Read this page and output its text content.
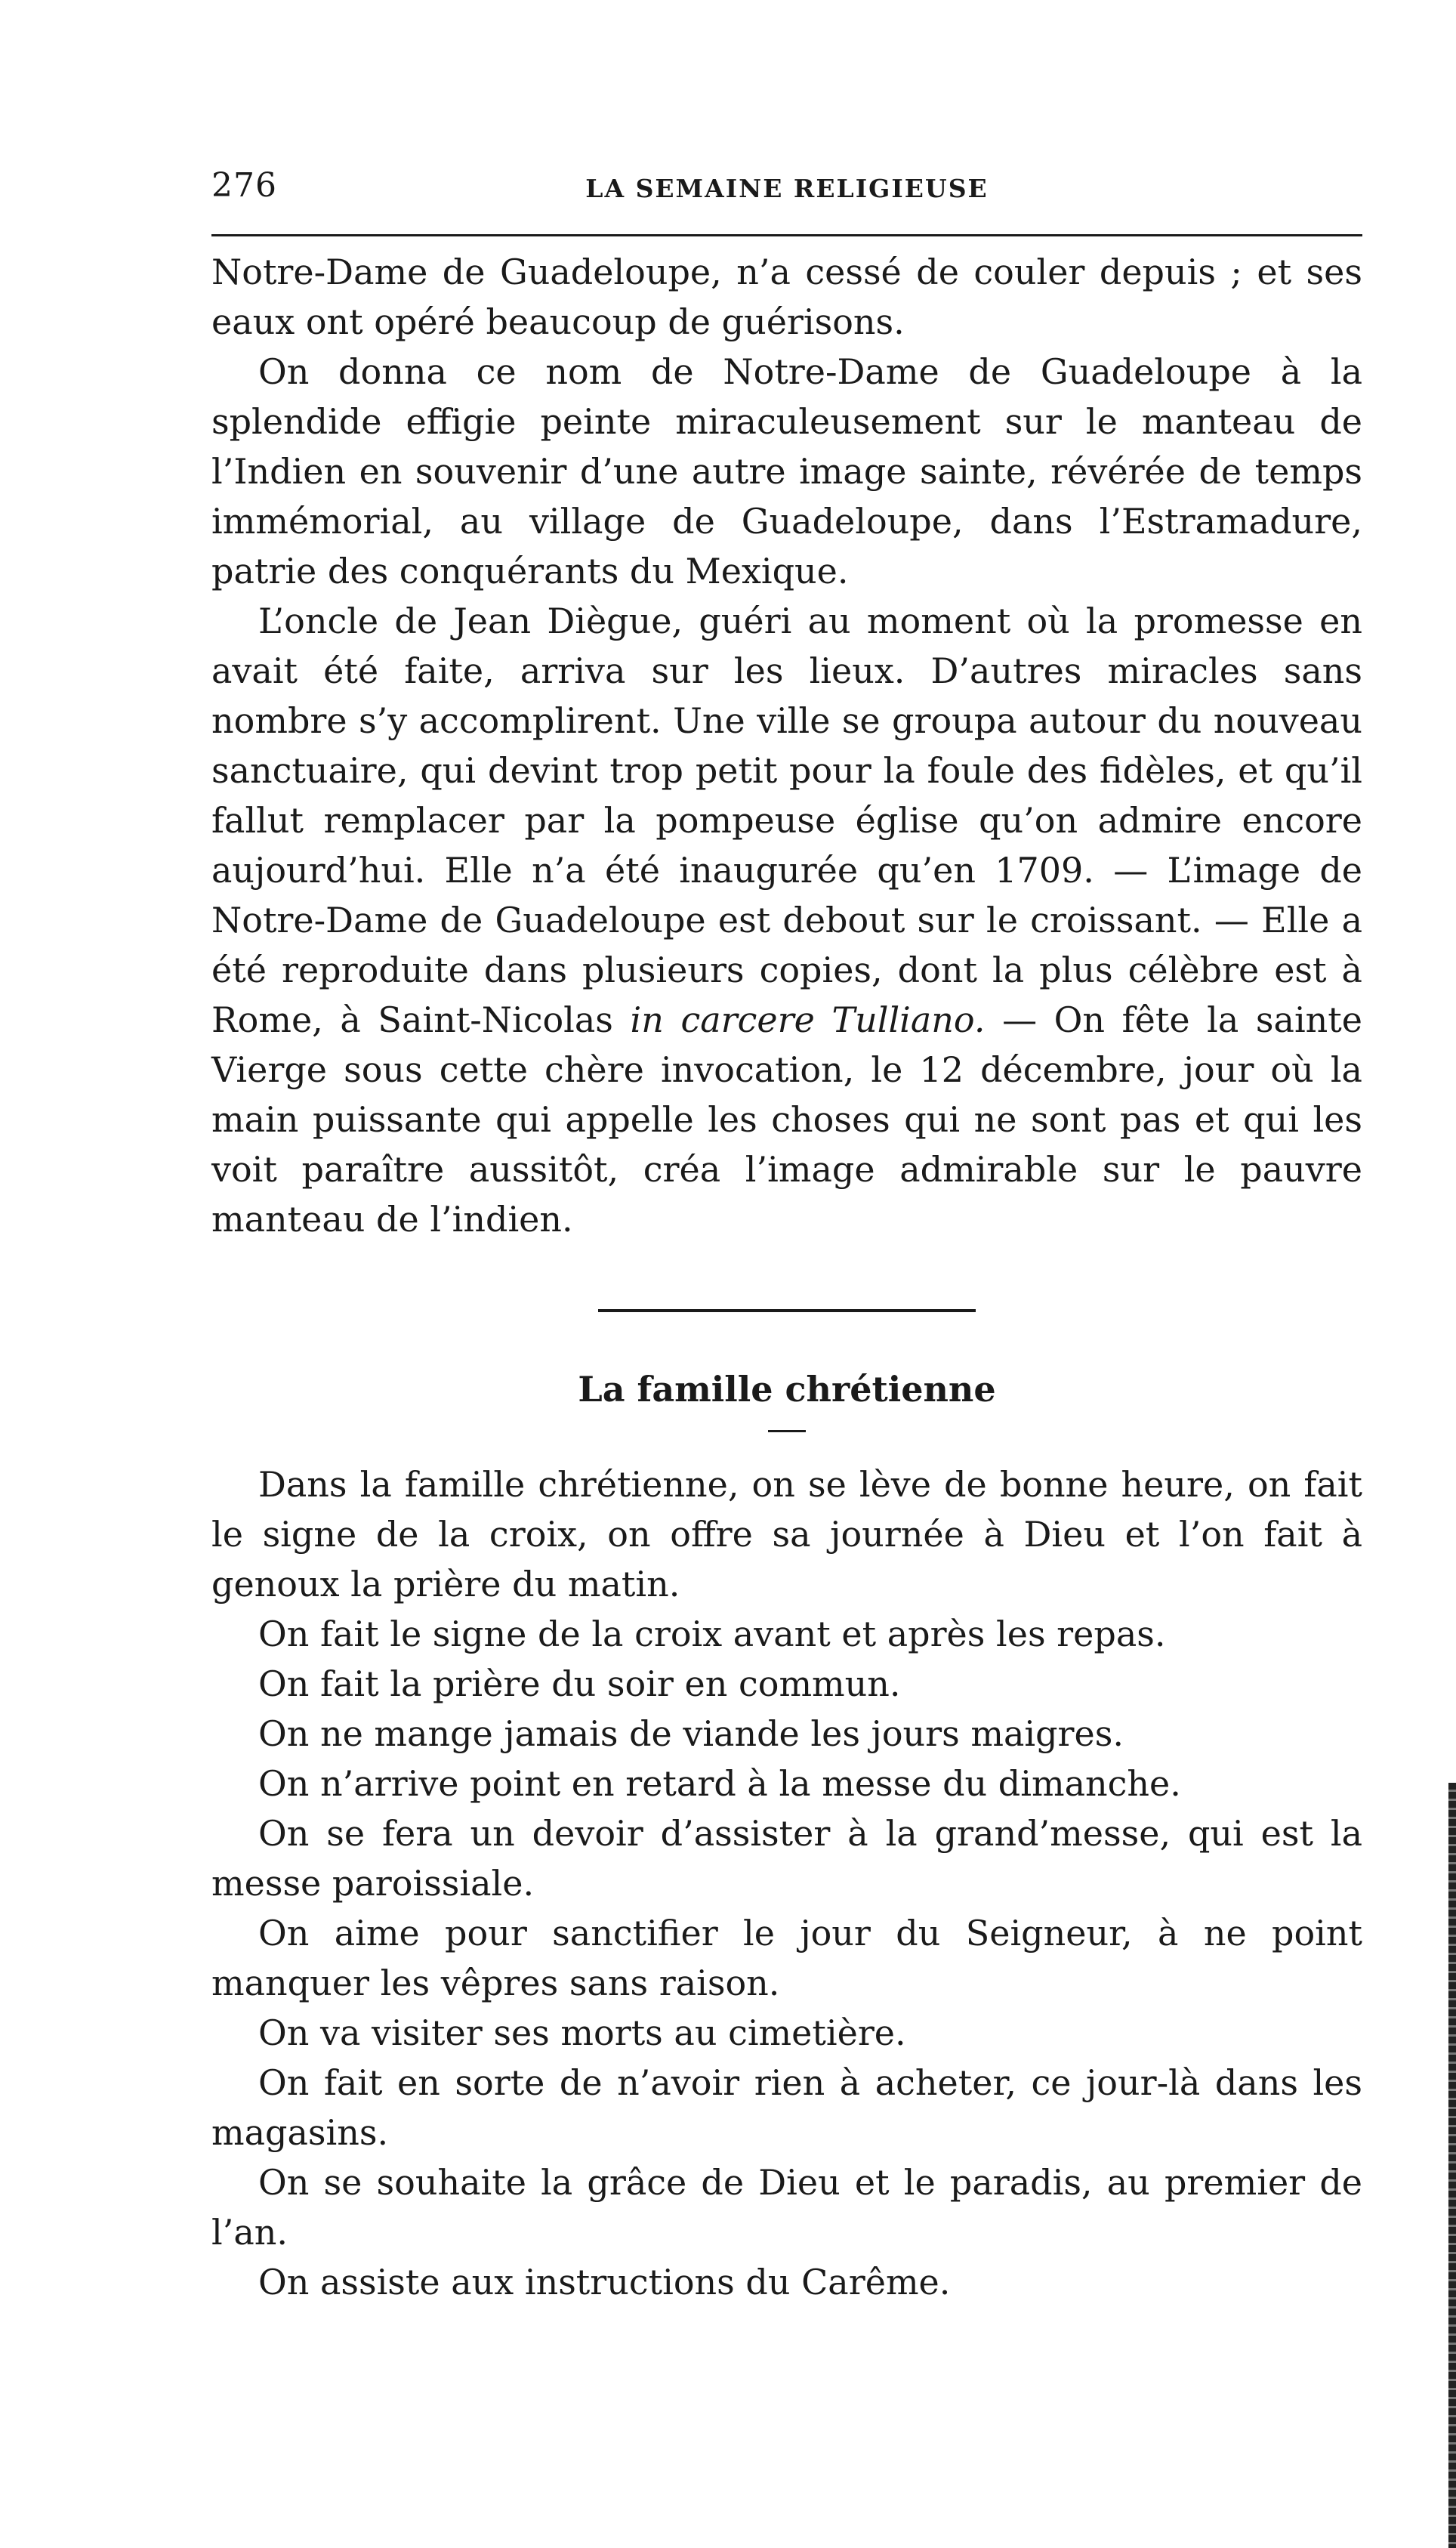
276	LA SEMAINE RELIGIEUSE

Notre-Dame de Guadeloupe, n’a cessé de couler depuis ; et ses eaux ont opéré beaucoup de guérisons.

On donna ce nom de Notre-Dame de Guadeloupe à la splendide effigie peinte miraculeusement sur le manteau de l’Indien en souvenir d’une autre image sainte, révérée de temps immémorial, au village de Guadeloupe, dans l’Estramadure, patrie des conquérants du Mexique.

L’oncle de Jean Diègue, guéri au moment où la promesse en avait été faite, arriva sur les lieux. D’autres miracles sans nombre s’y accomplirent. Une ville se groupa autour du nouveau sanctuaire, qui devint trop petit pour la foule des fidèles, et qu’il fallut remplacer par la pompeuse église qu’on admire encore aujourd’hui. Elle n’a été inaugurée qu’en 1709. — L’image de Notre-Dame de Guadeloupe est debout sur le croissant. — Elle a été reproduite dans plusieurs copies, dont la plus célèbre est à Rome, à Saint-Nicolas in carcere Tulliano. — On fête la sainte Vierge sous cette chère invocation, le 12 décembre, jour où la main puissante qui appelle les choses qui ne sont pas et qui les voit paraître aussitôt, créa l’image admirable sur le pauvre manteau de l’indien.

La famille chrétienne

Dans la famille chrétienne, on se lève de bonne heure, on fait le signe de la croix, on offre sa journée à Dieu et l’on fait à genoux la prière du matin.

On fait le signe de la croix avant et après les repas.

On fait la prière du soir en commun.

On ne mange jamais de viande les jours maigres.

On n’arrive point en retard à la messe du dimanche.

On se fera un devoir d’assister à la grand’messe, qui est la messe paroissiale.

On aime pour sanctifier le jour du Seigneur, à ne point manquer les vêpres sans raison.

On va visiter ses morts au cimetière.

On fait en sorte de n’avoir rien à acheter, ce jour-là dans les magasins.

On se souhaite la grâce de Dieu et le paradis, au premier de l’an.

On assiste aux instructions du Carême.
